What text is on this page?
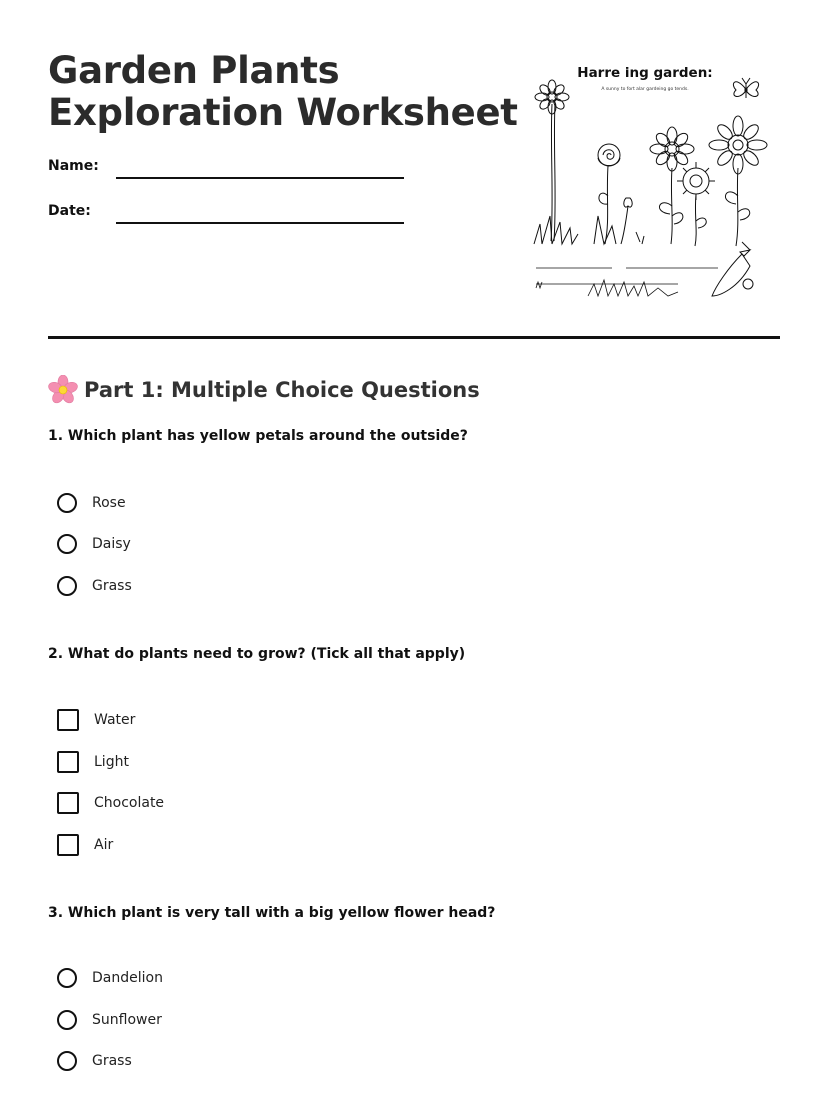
Garden Plants
Exploration Worksheet
Name:
Date:
Harre ing garden:
A sunny to fort alar gardeing go tends.
Part 1: Multiple Choice Questions
1. Which plant has yellow petals around the outside?
Rose
Daisy
Grass
2. What do plants need to grow? (Tick all that apply)
Water
Light
Chocolate
Air
3. Which plant is very tall with a big yellow flower head?
Dandelion
Sunflower
Grass
